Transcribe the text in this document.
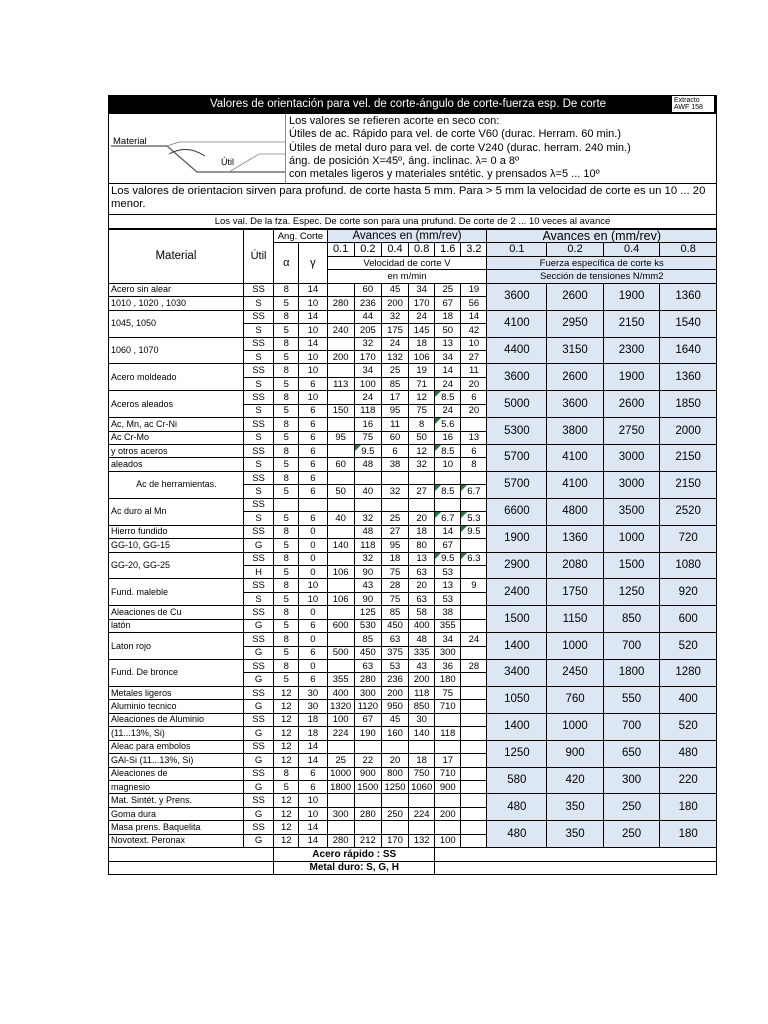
Valores de orientación para vel. de corte-ángulo de corte-fuerza esp. De corte	Extracto AWF 158
Material
Útil
Los valores se refieren acorte en seco con:
Útiles de ac. Rápido para vel. de corte V60 (durac. Herram. 60 min.)
Útiles de metal duro para vel. de corte V240 (durac. herram. 240 min.)
áng. de posición X=45º, áng. inclinac. λ= 0 a 8º
con metales ligeros y materiales sntétic. y prensados λ=5 ... 10º
Los valores de orientacion sirven para profund. de corte hasta 5 mm. Para > 5 mm la velocidad de corte es un 10 ... 20 menor.
Los val. De la fza. Espec. De corte son para una prufund. De corte de 2 ... 10 veces al avance
Material	Útil	Ang. Corte		Avances en (mm/rev)						Avances en (mm/rev)			
		α	γ	0.1	0.2	0.4	0.8	1.6	3.2	0.1	0.2	0.4	0.8
				Velocidad de corte V						Fuerza específica de corte ks			
				en m/min						Sección de tensiones N/mm2			
Acero sin alear	SS	8	14		60	45	34	25	19	3600	2600	1900	1360
1010 , 1020 , 1030	S	5	10	280	236	200	170	67	56				
1045, 1050	SS	8	14		44	32	24	18	14	4100	2950	2150	1540
	S	5	10	240	205	175	145	50	42				
1060 , 1070	SS	8	14		32	24	18	13	10	4400	3150	2300	1640
	S	5	10	200	170	132	106	34	27				
Acero moldeado	SS	8	10		34	25	19	14	11	3600	2600	1900	1360
	S	5	6	113	100	85	71	24	20				
Aceros aleados	SS	8	10		24	17	12	8.5	6	5000	3600	2600	1850
	S	5	6	150	118	95	75	24	20				
Ac, Mn, ac Cr-Ni	SS	8	6		16	11	8	5.6		5300	3800	2750	2000
Ac Cr-Mo	S	5	6	95	75	60	50	16	13				
y otros aceros	SS	8	6		9.5	6	12	8.5	6	5700	4100	3000	2150
aleados	S	5	6	60	48	38	32	10	8				
Ac de herramientas.	SS	8	6							5700	4100	3000	2150
	S	5	6	50	40	32	27	8.5	6.7				
Ac duro al Mn	SS									6600	4800	3500	2520
	S	5	6	40	32	25	20	6.7	5.3				
Hierro fundido	SS	8	0		48	27	18	14	9.5	1900	1360	1000	720
GG-10, GG-15	G	5	0	140	118	95	80	67					
GG-20, GG-25	SS	8	0		32	18	13	9.5	6.3	2900	2080	1500	1080
	H	5	0	106	90	75	63	53					
Fund. maleble	SS	8	10		43	28	20	13	9	2400	1750	1250	920
	S	5	10	106	90	75	63	53					
Aleaciones de Cu	SS	8	0		125	85	58	38		1500	1150	850	600
latón	G	5	6	600	530	450	400	355					
Laton rojo	SS	8	0		85	63	48	34	24	1400	1000	700	520
	G	5	6	500	450	375	335	300					
Fund. De bronce	SS	8	0		63	53	43	36	28	3400	2450	1800	1280
	G	5	6	355	280	236	200	180					
Metales ligeros	SS	12	30	400	300	200	118	75		1050	760	550	400
Aluminio tecnico	G	12	30	1320	1120	950	850	710					
Aleaciones de Aluminio	SS	12	18	100	67	45	30			1400	1000	700	520
(11...13%, Si)	G	12	18	224	190	160	140	118					
Aleac para embolos	SS	12	14							1250	900	650	480
GAl-Si (11...13%, Si)	G	12	14	25	22	20	18	17					
Aleaciones de	SS	8	6	1000	900	800	750	710		580	420	300	220
magnesio	G	5	6	1800	1500	1250	1060	900					
Mat. Sintét. y Prens.	SS	12	10							480	350	250	180
Goma dura	G	12	10	300	280	250	224	200					
Masa prens. Baquelita	SS	12	14							480	350	250	180
Novotext. Peronax	G	12	14	280	212	170	132	100					
		Acero rápido : SS											
		Metal duro: S, G, H											
